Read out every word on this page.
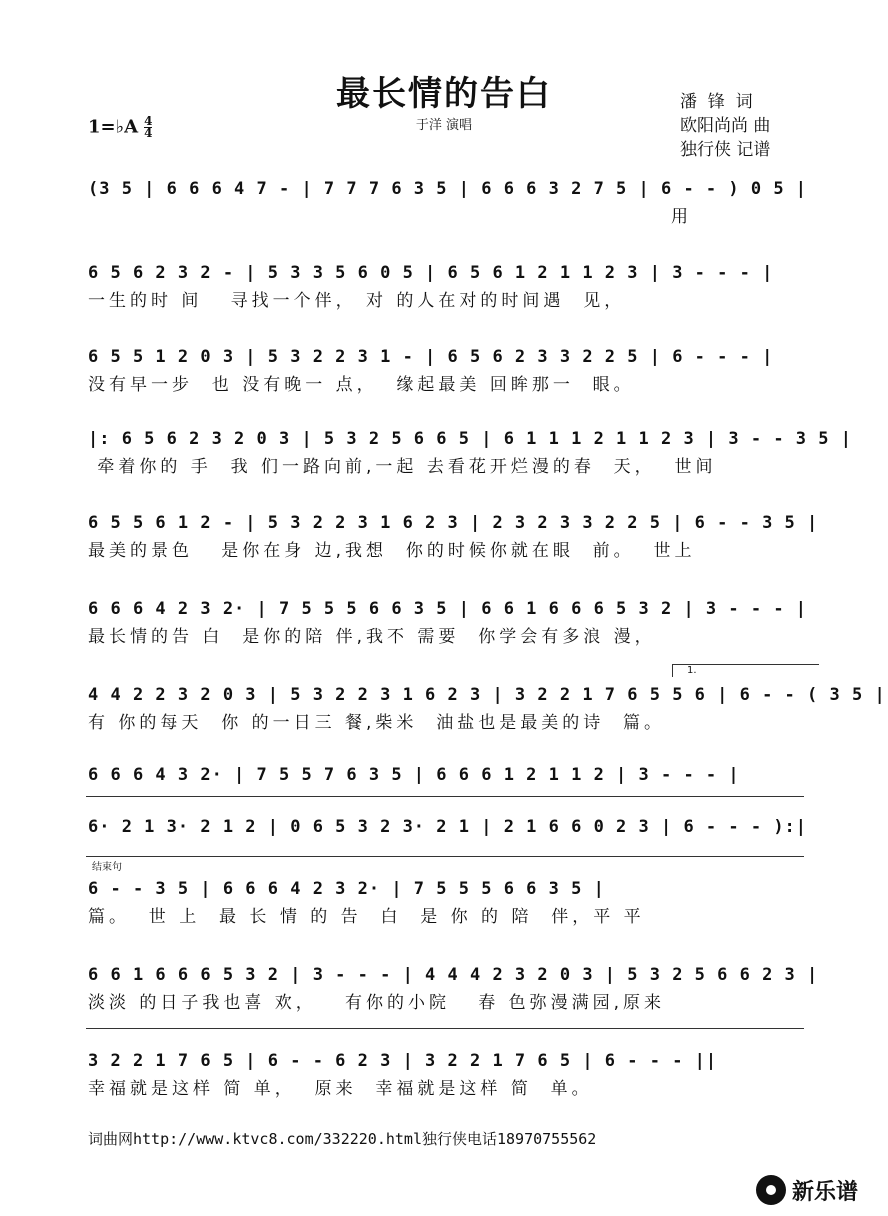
最长情的告白
于洋 演唱
1=♭A $\frac{4}{4}$
潘  锋  词
欧阳尚尚 曲
独行侠 记谱
(3 5 | 6 6 6 4 7 - | 7 7 7 6 3 5 | 6 6 6 3 2 7 5 | 6 - - ) 0 5 |
用
6 5 6 2 3 2 - | 5 3 3 5 6 0 5 | 6 5 6 1 2 1 1 2 3 | 3 - - - |
一生的时 间   寻找一个伴， 对 的人在对的时间遇  见，
6 5 5 1 2 0 3 | 5 3 2 2 3 1 - | 6 5 6 2 3 3 2 2 5 | 6 - - - |
没有早一步  也 没有晚一 点，  缘起最美 回眸那一  眼。
|: 6 5 6 2 3 2 0 3 | 5 3 2 5 6 6 5 | 6 1 1 1 2 1 1 2 3 | 3 - - 3 5 |
牵着你的 手  我 们一路向前,一起 去看花开烂漫的春  天，  世间
6 5 5 6 1 2 - | 5 3 2 2 3 1 6 2 3 | 2 3 2 3 3 2 2 5 | 6 - - 3 5 |
最美的景色   是你在身 边,我想  你的时候你就在眼  前。  世上
6 6 6 4 2 3 2· | 7 5 5 5 6 6 3 5 | 6 6 1 6 6 6 5 3 2 | 3 - - - |
最长情的告 白  是你的陪 伴,我不 需要  你学会有多浪 漫，
1.
4 4 2 2 3 2 0 3 | 5 3 2 2 3 1 6 2 3 | 3 2 2 1 7 6 5 5 6 | 6 - - ( 3 5 |
有 你的每天  你 的一日三 餐,柴米  油盐也是最美的诗  篇。
6 6 6 4 3 2· | 7 5 5 7 6 3 5 | 6 6 6 1 2 1 1 2 | 3 - - - |
6· 2 1 3· 2 1 2 | 0 6 5 3 2 3· 2 1 | 2 1 6 6 0 2 3 | 6 - - - ):|
结束句
6 - - 3 5 | 6 6 6 4 2 3 2· | 7 5 5 5 6 6 3 5 |
篇。  世 上  最 长 情 的 告  白  是 你 的 陪  伴，平 平
6 6 1 6 6 6 5 3 2 | 3 - - - | 4 4 4 2 3 2 0 3 | 5 3 2 5 6 6 2 3 |
淡淡 的日子我也喜 欢，   有你的小院   春 色弥漫满园,原来
3 2 2 1 7 6 5 | 6 - - 6 2 3 | 3 2 2 1 7 6 5 | 6 - - - ||
幸福就是这样 简 单，  原来  幸福就是这样 简  单。
词曲网http://www.ktvc8.com/332220.html独行侠电话18970755562
新乐谱
